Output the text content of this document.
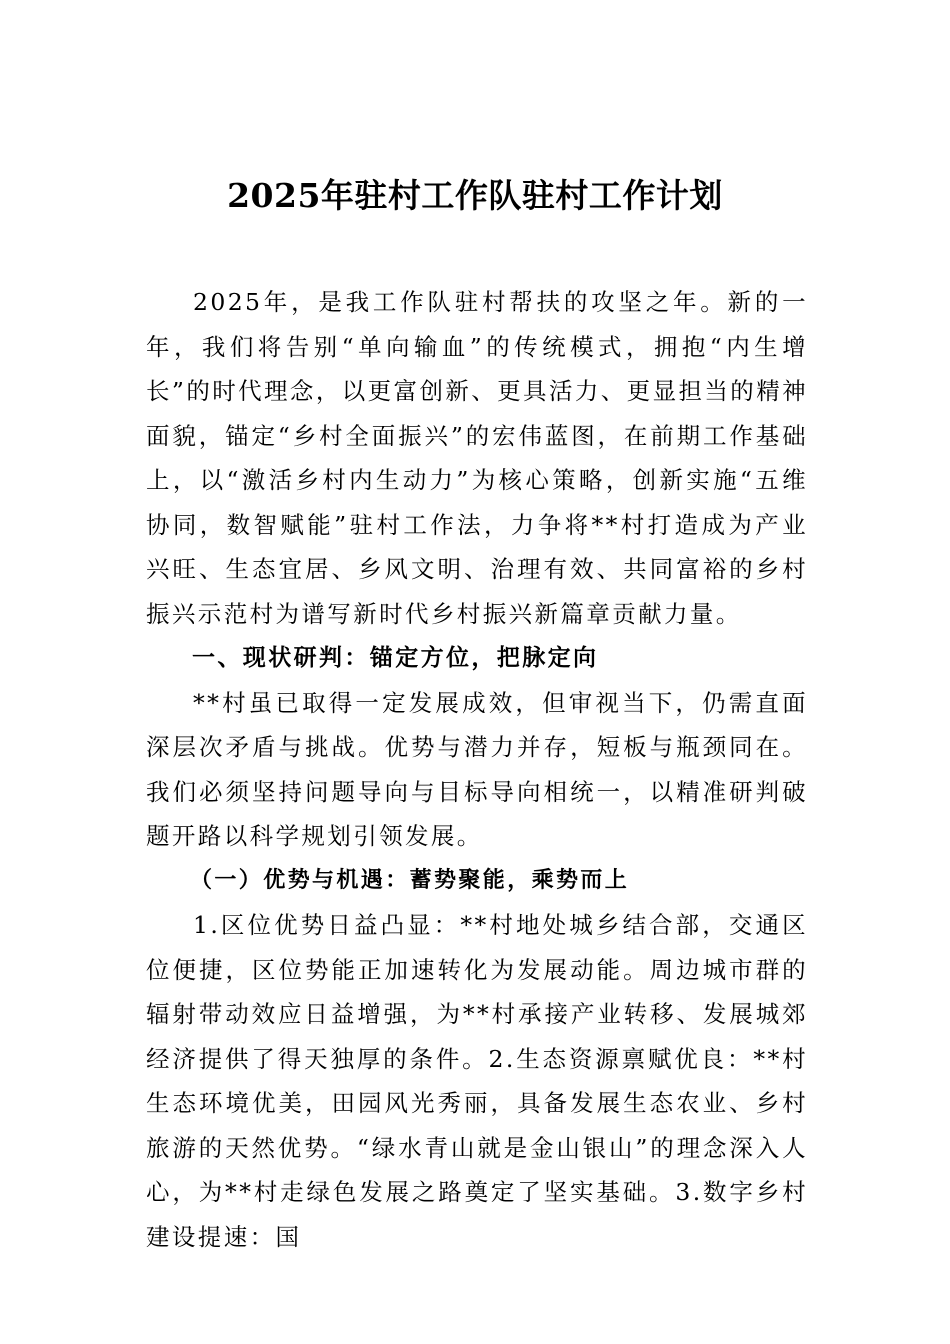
2025年驻村工作队驻村工作计划

2025年，是我工作队驻村帮扶的攻坚之年。新的一年，我们将告别“单向输血”的传统模式，拥抱“内生增长”的时代理念，以更富创新、更具活力、更显担当的精神面貌，锚定“乡村全面振兴”的宏伟蓝图，在前期工作基础上，以“激活乡村内生动力”为核心策略，创新实施“五维协同，数智赋能”驻村工作法，力争将**村打造成为产业兴旺、生态宜居、乡风文明、治理有效、共同富裕的乡村振兴示范村为谱写新时代乡村振兴新篇章贡献力量。

一、现状研判：锚定方位，把脉定向

**村虽已取得一定发展成效，但审视当下，仍需直面深层次矛盾与挑战。优势与潜力并存，短板与瓶颈同在。我们必须坚持问题导向与目标导向相统一，以精准研判破题开路以科学规划引领发展。

（一）优势与机遇：蓄势聚能，乘势而上

1.区位优势日益凸显：**村地处城乡结合部，交通区位便捷，区位势能正加速转化为发展动能。周边城市群的辐射带动效应日益增强，为**村承接产业转移、发展城郊经济提供了得天独厚的条件。2.生态资源禀赋优良：**村生态环境优美，田园风光秀丽，具备发展生态农业、乡村旅游的天然优势。“绿水青山就是金山银山”的理念深入人心，为**村走绿色发展之路奠定了坚实基础。3.数字乡村建设提速：国
